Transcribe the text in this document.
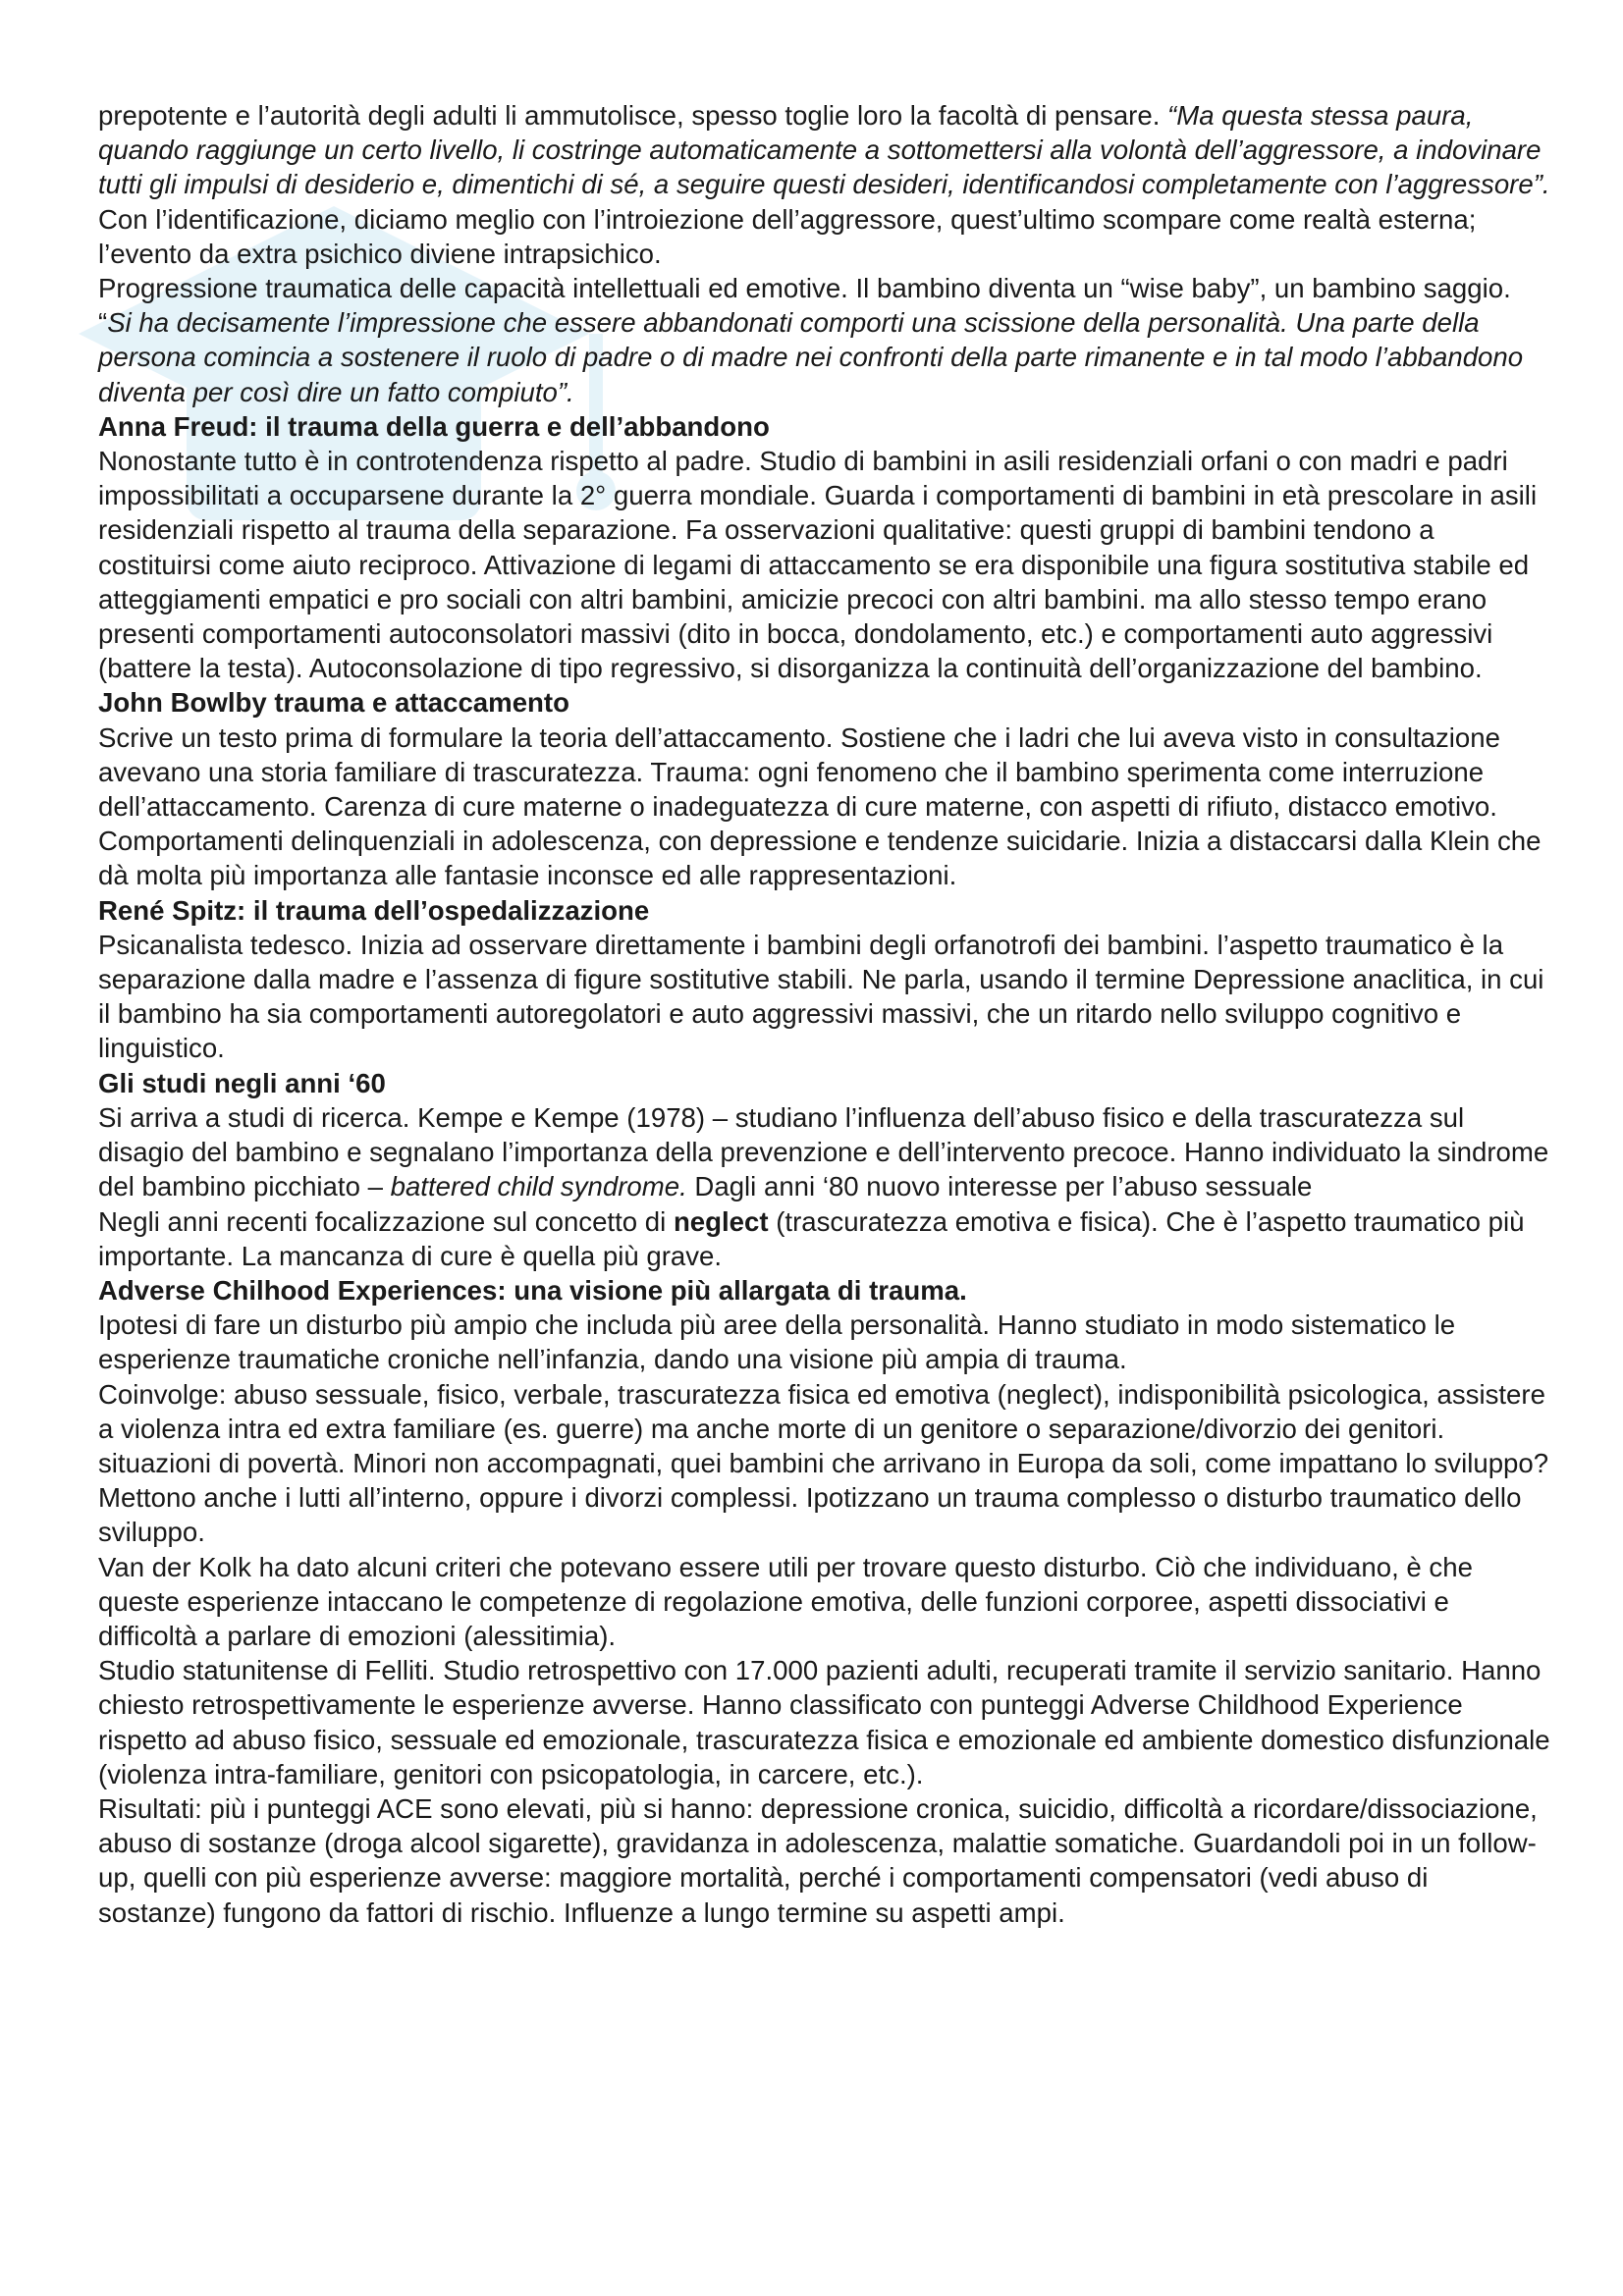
prepotente e l’autorità degli adulti li ammutolisce, spesso toglie loro la facoltà di pensare. “Ma questa stessa paura, quando raggiunge un certo livello, li costringe automaticamente a sottomettersi alla volontà dell’aggressore, a indovinare tutti gli impulsi di desiderio e, dimentichi di sé, a seguire questi desideri, identificandosi completamente con l’aggressore”. Con l’identificazione, diciamo meglio con l’introiezione dell’aggressore, quest’ultimo scompare come realtà esterna; l’evento da extra psichico diviene intrapsichico.

Progressione traumatica delle capacità intellettuali ed emotive. Il bambino diventa un “wise baby”, un bambino saggio. “Si ha decisamente l’impressione che essere abbandonati comporti una scissione della personalità. Una parte della persona comincia a sostenere il ruolo di padre o di madre nei confronti della parte rimanente e in tal modo l’abbandono diventa per così dire un fatto compiuto”.

Anna Freud: il trauma della guerra e dell’abbandono

Nonostante tutto è in controtendenza rispetto al padre. Studio di bambini in asili residenziali orfani o con madri e padri impossibilitati a occuparsene durante la 2° guerra mondiale. Guarda i comportamenti di bambini in età prescolare in asili residenziali rispetto al trauma della separazione. Fa osservazioni qualitative: questi gruppi di bambini tendono a costituirsi come aiuto reciproco. Attivazione di legami di attaccamento se era disponibile una figura sostitutiva stabile ed atteggiamenti empatici e pro sociali con altri bambini, amicizie precoci con altri bambini. ma allo stesso tempo erano presenti comportamenti autoconsolatori massivi (dito in bocca, dondolamento, etc.) e comportamenti auto aggressivi (battere la testa). Autoconsolazione di tipo regressivo, si disorganizza la continuità dell’organizzazione del bambino.

John Bowlby trauma e attaccamento

Scrive un testo prima di formulare la teoria dell’attaccamento. Sostiene che i ladri che lui aveva visto in consultazione avevano una storia familiare di trascuratezza. Trauma: ogni fenomeno che il bambino sperimenta come interruzione dell’attaccamento. Carenza di cure materne o inadeguatezza di cure materne, con aspetti di rifiuto, distacco emotivo. Comportamenti delinquenziali in adolescenza, con depressione e tendenze suicidarie. Inizia a distaccarsi dalla Klein che dà molta più importanza alle fantasie inconsce ed alle rappresentazioni.

René Spitz: il trauma dell’ospedalizzazione

Psicanalista tedesco. Inizia ad osservare direttamente i bambini degli orfanotrofi dei bambini. l’aspetto traumatico è la separazione dalla madre e l’assenza di figure sostitutive stabili. Ne parla, usando il termine Depressione anaclitica, in cui il bambino ha sia comportamenti autoregolatori e auto aggressivi massivi, che un ritardo nello sviluppo cognitivo e linguistico.

Gli studi negli anni ‘60

Si arriva a studi di ricerca. Kempe e Kempe (1978) – studiano l’influenza dell’abuso fisico e della trascuratezza sul disagio del bambino e segnalano l’importanza della prevenzione e dell’intervento precoce. Hanno individuato la sindrome del bambino picchiato – battered child syndrome. Dagli anni ‘80 nuovo interesse per l’abuso sessuale

Negli anni recenti focalizzazione sul concetto di neglect (trascuratezza emotiva e fisica). Che è l’aspetto traumatico più importante. La mancanza di cure è quella più grave.

Adverse Chilhood Experiences: una visione più allargata di trauma.

Ipotesi di fare un disturbo più ampio che includa più aree della personalità. Hanno studiato in modo sistematico le esperienze traumatiche croniche nell’infanzia, dando una visione più ampia di trauma.

Coinvolge: abuso sessuale, fisico, verbale, trascuratezza fisica ed emotiva (neglect), indisponibilità psicologica, assistere a violenza intra ed extra familiare (es. guerre) ma anche morte di un genitore o separazione/divorzio dei genitori. situazioni di povertà. Minori non accompagnati, quei bambini che arrivano in Europa da soli, come impattano lo sviluppo? Mettono anche i lutti all’interno, oppure i divorzi complessi. Ipotizzano un trauma complesso o disturbo traumatico dello sviluppo.

Van der Kolk ha dato alcuni criteri che potevano essere utili per trovare questo disturbo. Ciò che individuano, è che queste esperienze intaccano le competenze di regolazione emotiva, delle funzioni corporee, aspetti dissociativi e difficoltà a parlare di emozioni (alessitimia).

Studio statunitense di Felliti. Studio retrospettivo con 17.000 pazienti adulti, recuperati tramite il servizio sanitario. Hanno chiesto retrospettivamente le esperienze avverse. Hanno classificato con punteggi Adverse Childhood Experience rispetto ad abuso fisico, sessuale ed emozionale, trascuratezza fisica e emozionale ed ambiente domestico disfunzionale (violenza intra-familiare, genitori con psicopatologia, in carcere, etc.).

Risultati: più i punteggi ACE sono elevati, più si hanno: depressione cronica, suicidio, difficoltà a ricordare/dissociazione, abuso di sostanze (droga alcool sigarette), gravidanza in adolescenza, malattie somatiche. Guardandoli poi in un follow-up, quelli con più esperienze avverse: maggiore mortalità, perché i comportamenti compensatori (vedi abuso di sostanze) fungono da fattori di rischio. Influenze a lungo termine su aspetti ampi.
